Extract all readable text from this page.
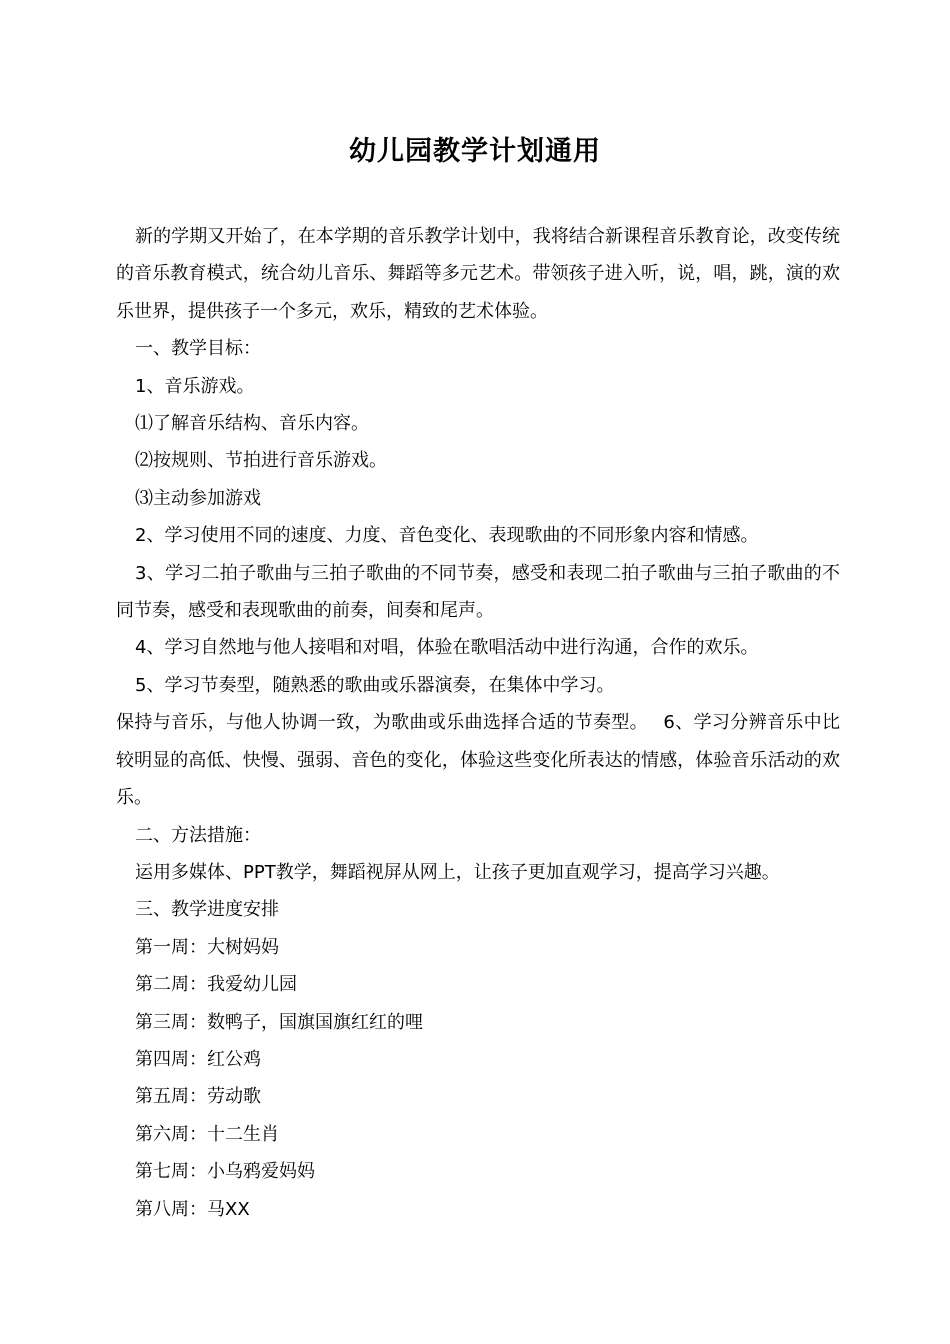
幼儿园教学计划通用

新的学期又开始了，在本学期的音乐教学计划中，我将结合新课程音乐教育论，改变传统的音乐教育模式，统合幼儿音乐、舞蹈等多元艺术。带领孩子进入听，说，唱，跳，演的欢乐世界，提供孩子一个多元，欢乐，精致的艺术体验。

一、教学目标：

1、音乐游戏。

⑴了解音乐结构、音乐内容。

⑵按规则、节拍进行音乐游戏。

⑶主动参加游戏

2、学习使用不同的速度、力度、音色变化、表现歌曲的不同形象内容和情感。

3、学习二拍子歌曲与三拍子歌曲的不同节奏，感受和表现二拍子歌曲与三拍子歌曲的不同节奏，感受和表现歌曲的前奏，间奏和尾声。

4、学习自然地与他人接唱和对唱，体验在歌唱活动中进行沟通，合作的欢乐。

5、学习节奏型，随熟悉的歌曲或乐器演奏，在集体中学习。

保持与音乐，与他人协调一致，为歌曲或乐曲选择合适的节奏型。　 6、学习分辨音乐中比较明显的高低、快慢、强弱、音色的变化，体验这些变化所表达的情感，体验音乐活动的欢乐。

二、方法措施：

运用多媒体、PPT教学，舞蹈视屏从网上，让孩子更加直观学习，提高学习兴趣。

三、教学进度安排

第一周：大树妈妈

第二周：我爱幼儿园

第三周：数鸭子，国旗国旗红红的哩

第四周：红公鸡

第五周：劳动歌

第六周：十二生肖

第七周：小乌鸦爱妈妈

第八周：马XX
